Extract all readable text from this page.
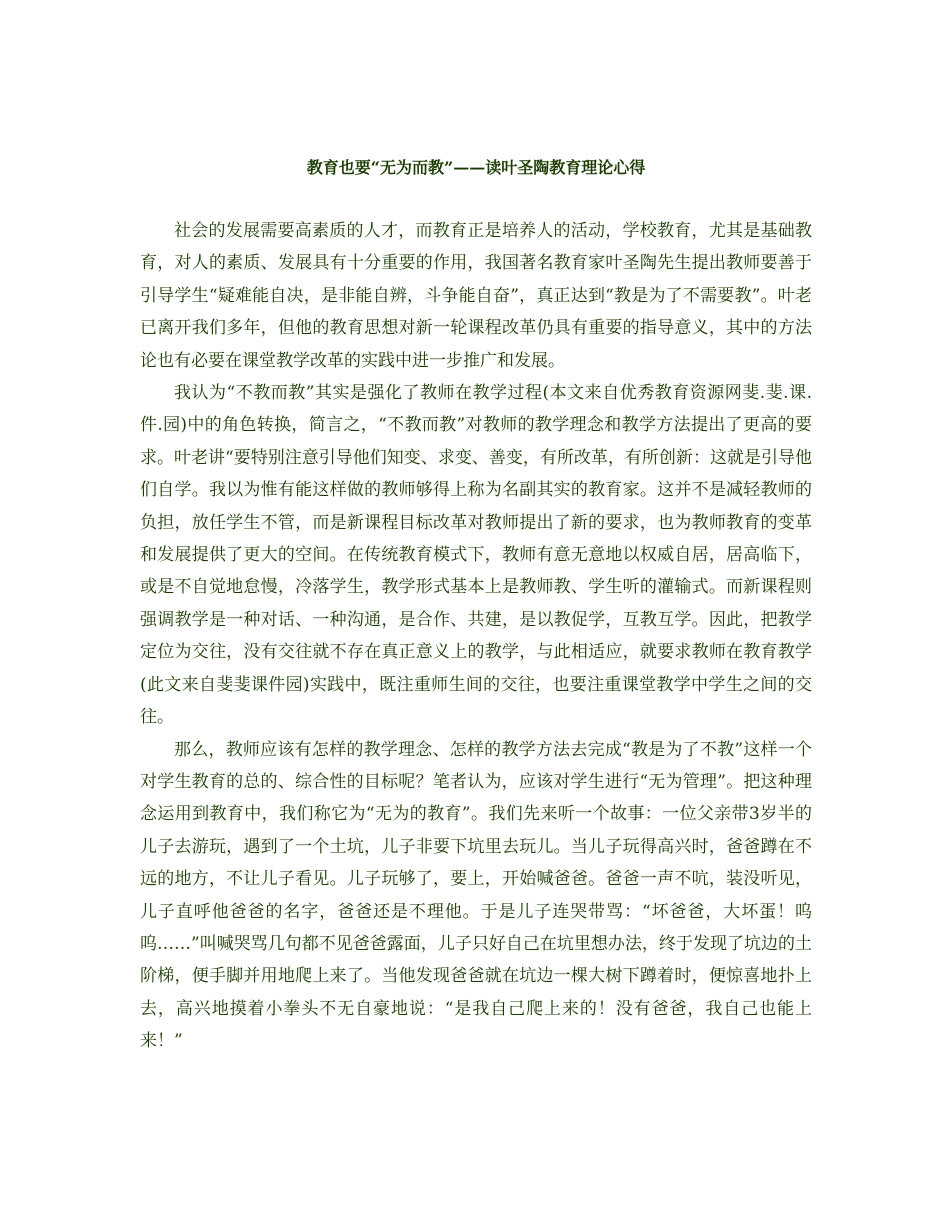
教育也要“无为而教”——读叶圣陶教育理论心得

社会的发展需要高素质的人才，而教育正是培养人的活动，学校教育，尤其是基础教育，对人的素质、发展具有十分重要的作用，我国著名教育家叶圣陶先生提出教师要善于引导学生“疑难能自决，是非能自辨，斗争能自奋”，真正达到“教是为了不需要教”。叶老已离开我们多年，但他的教育思想对新一轮课程改革仍具有重要的指导意义，其中的方法论也有必要在课堂教学改革的实践中进一步推广和发展。

我认为“不教而教”其实是强化了教师在教学过程(本文来自优秀教育资源网斐.斐.课.件.园)中的角色转换，简言之，“不教而教”对教师的教学理念和教学方法提出了更高的要求。叶老讲“要特别注意引导他们知变、求变、善变，有所改革，有所创新：这就是引导他们自学。我以为惟有能这样做的教师够得上称为名副其实的教育家。这并不是减轻教师的负担，放任学生不管，而是新课程目标改革对教师提出了新的要求，也为教师教育的变革和发展提供了更大的空间。在传统教育模式下，教师有意无意地以权威自居，居高临下，或是不自觉地怠慢，冷落学生，教学形式基本上是教师教、学生听的灌输式。而新课程则强调教学是一种对话、一种沟通，是合作、共建，是以教促学，互教互学。因此，把教学定位为交往，没有交往就不存在真正意义上的教学，与此相适应，就要求教师在教育教学(此文来自斐斐课件园)实践中，既注重师生间的交往，也要注重课堂教学中学生之间的交往。

那么，教师应该有怎样的教学理念、怎样的教学方法去完成“教是为了不教”这样一个对学生教育的总的、综合性的目标呢？笔者认为，应该对学生进行“无为管理”。把这种理念运用到教育中，我们称它为“无为的教育”。我们先来听一个故事：一位父亲带3岁半的儿子去游玩，遇到了一个土坑，儿子非要下坑里去玩儿。当儿子玩得高兴时，爸爸蹲在不远的地方，不让儿子看见。儿子玩够了，要上，开始喊爸爸。爸爸一声不吭，装没听见，儿子直呼他爸爸的名字，爸爸还是不理他。于是儿子连哭带骂：“坏爸爸，大坏蛋！呜呜……”叫喊哭骂几句都不见爸爸露面，儿子只好自己在坑里想办法，终于发现了坑边的土阶梯，便手脚并用地爬上来了。当他发现爸爸就在坑边一棵大树下蹲着时，便惊喜地扑上去，高兴地摸着小拳头不无自豪地说：“是我自己爬上来的！没有爸爸，我自己也能上来！”
